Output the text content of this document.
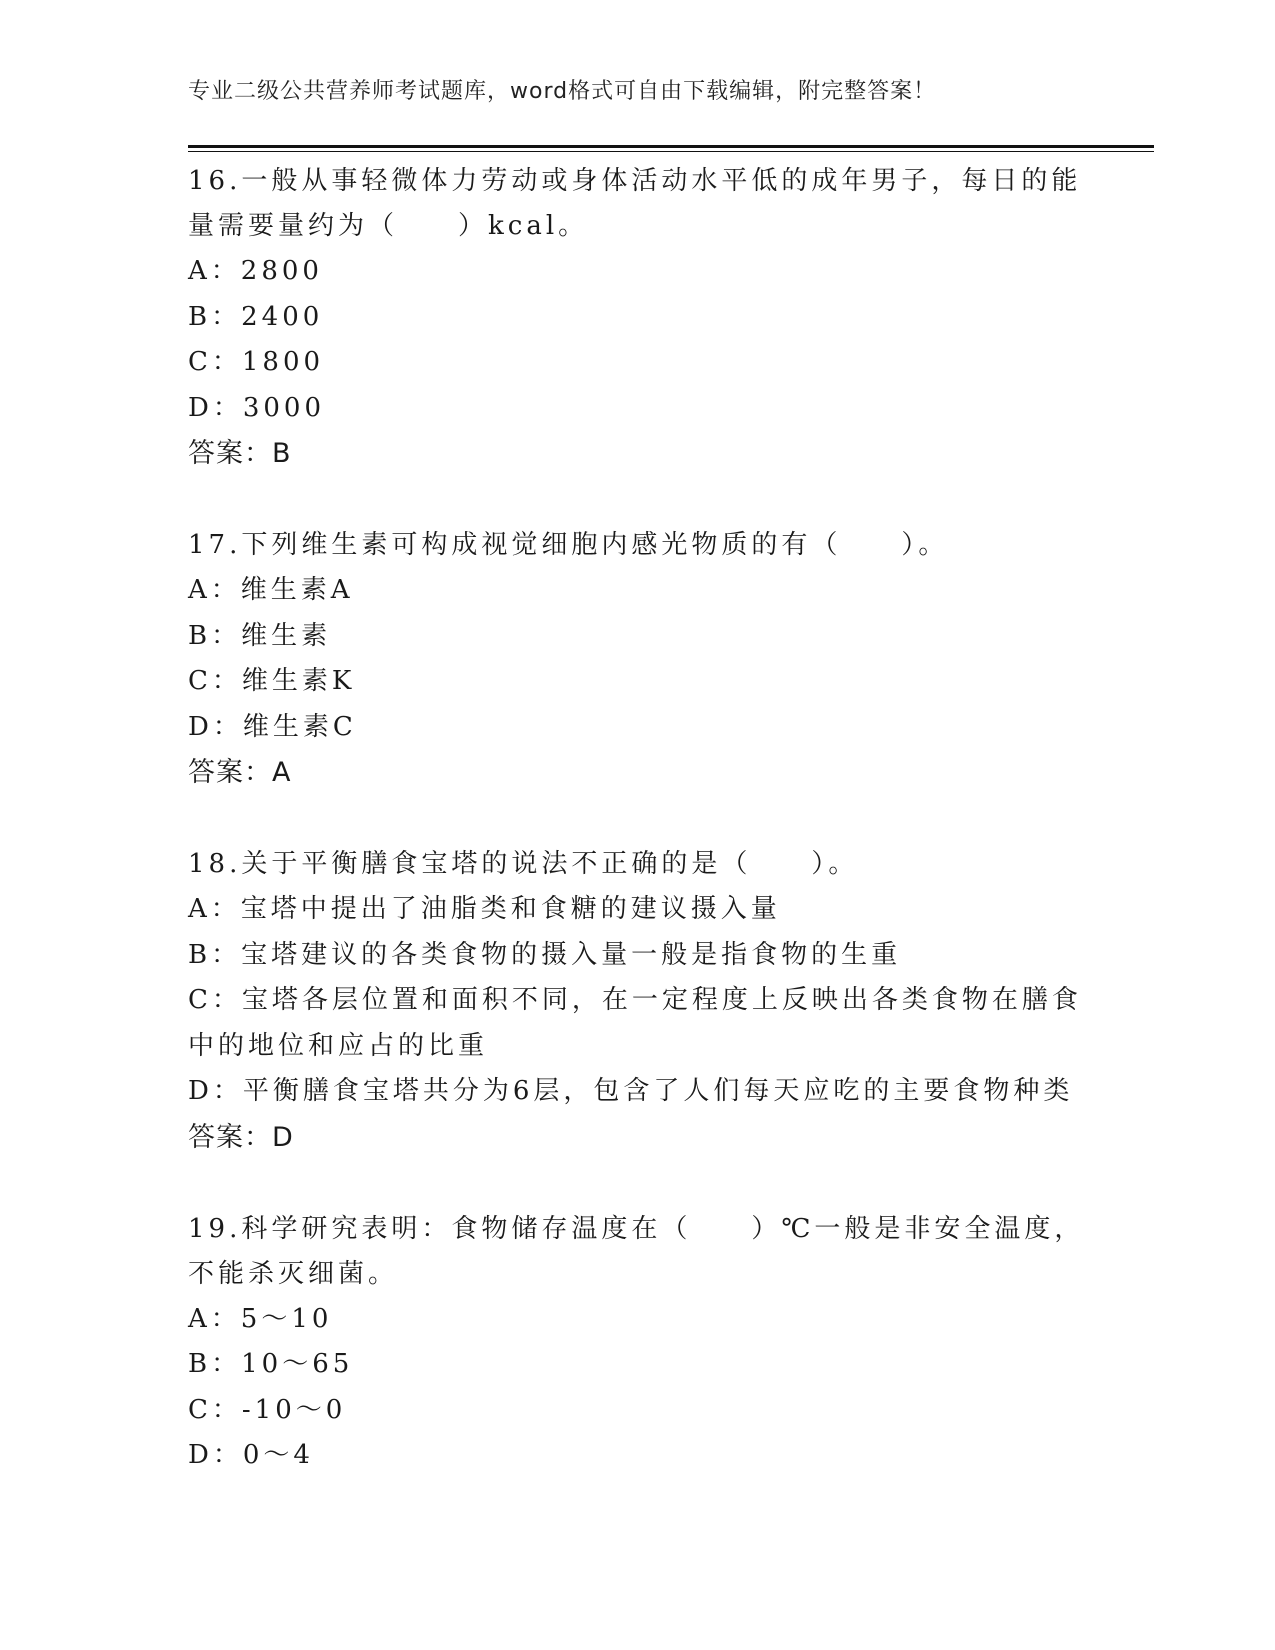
专业二级公共营养师考试题库，word格式可自由下载编辑，附完整答案！

16.一般从事轻微体力劳动或身体活动水平低的成年男子，每日的能量需要量约为（　　）kcal。

A：2800

B：2400

C：1800

D：3000

答案：B

17.下列维生素可构成视觉细胞内感光物质的有（　　）。

A：维生素A

B：维生素

C：维生素K

D：维生素C

答案：A

18.关于平衡膳食宝塔的说法不正确的是（　　）。

A：宝塔中提出了油脂类和食糖的建议摄入量

B：宝塔建议的各类食物的摄入量一般是指食物的生重

C：宝塔各层位置和面积不同，在一定程度上反映出各类食物在膳食中的地位和应占的比重

D：平衡膳食宝塔共分为6层，包含了人们每天应吃的主要食物种类

答案：D

19.科学研究表明：食物储存温度在（　　）℃一般是非安全温度，不能杀灭细菌。

A：5～10

B：10～65

C：-10～0

D：0～4
